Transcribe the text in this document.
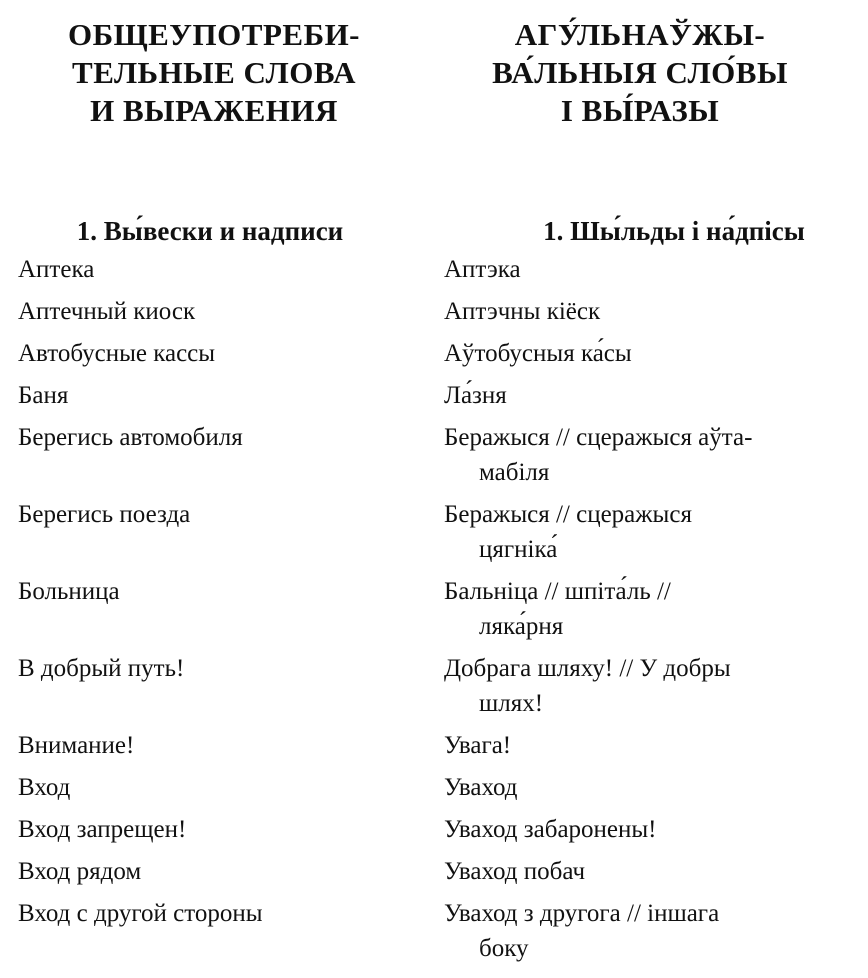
ОБЩЕУПОТРЕБИ-
ТЕЛЬНЫЕ СЛОВА
И ВЫРАЖЕНИЯ
1. Вы́вески и надписи
Аптека
Аптечный киоск
Автобусные кассы
Баня
Берегись автомобиля
Берегись поезда
Больница
В добрый путь!
Внимание!
Вход
Вход запрещен!
Вход рядом
Вход с другой стороны
АГУ́ЛЬНАЎЖЫ-
ВА́ЛЬНЫЯ СЛО́ВЫ
І ВЫ́РАЗЫ
1. Шы́льды і на́дпісы
Аптэка
Аптэчны кіёск
Аўтобусныя ка́сы
Ла́зня
Беражыся // сцеражыся аўта-
мабіля
Беражыся // сцеражыся
цягніка́
Бальніца // шпіта́ль //
ляка́рня
Добрага шляху! // У добры
шлях!
Увага!
Уваход
Уваход забаронены!
Уваход побач
Уваход з другога // іншага
боку
